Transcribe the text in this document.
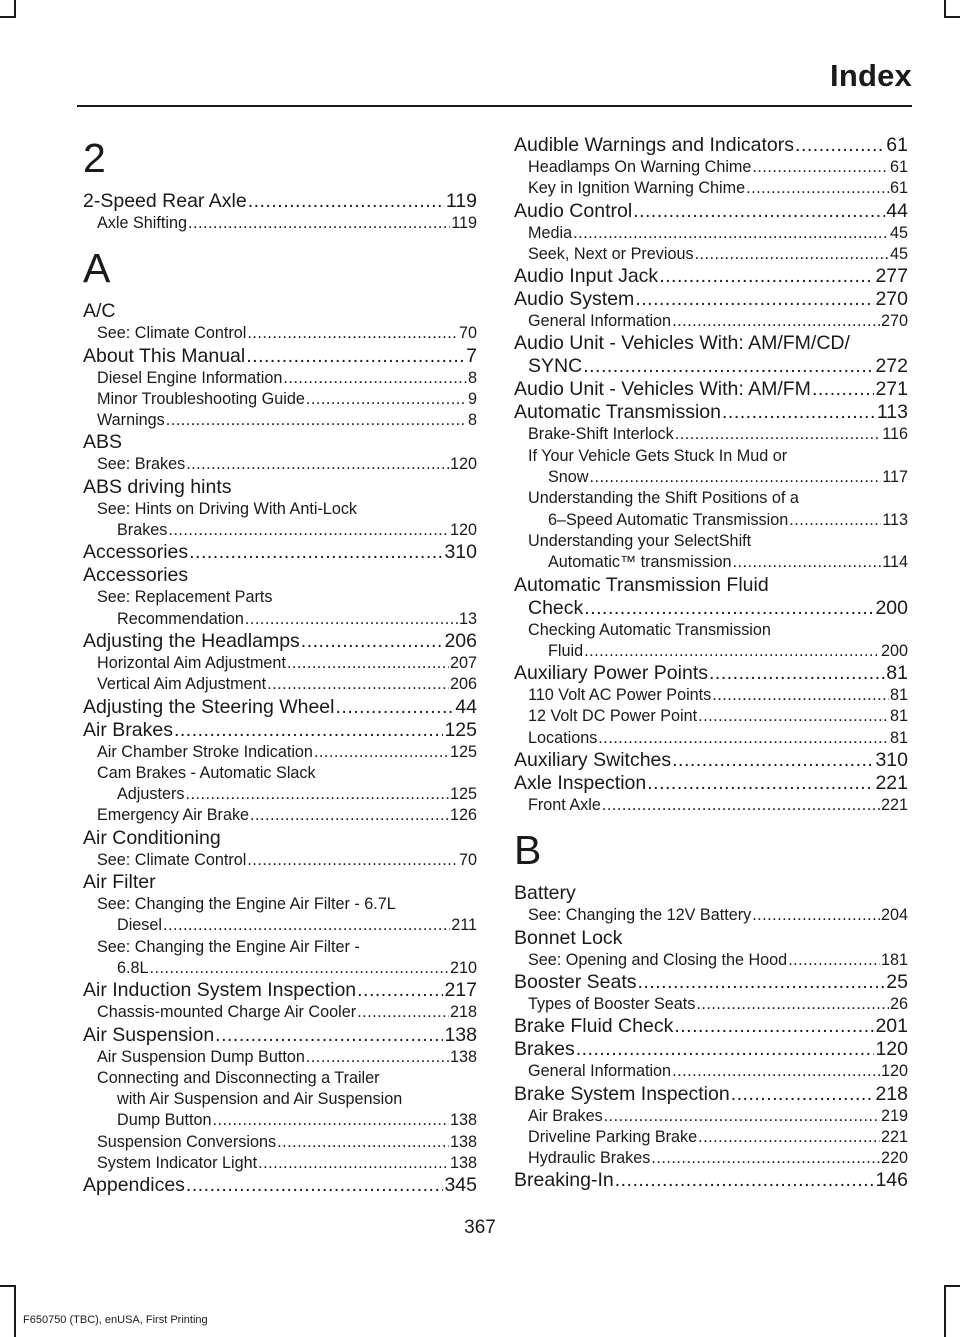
Index
2
2-Speed Rear Axle .....	119
Axle Shifting .....	119
A
A/C
See: Climate Control .....	70
About This Manual .....	7
Diesel Engine Information .....	8
Minor Troubleshooting Guide .....	9
Warnings .....	8
ABS
See: Brakes .....	120
ABS driving hints
See: Hints on Driving With Anti-Lock
Brakes .....	120
Accessories .....	310
Accessories
See: Replacement Parts
Recommendation .....	13
Adjusting the Headlamps .....	206
Horizontal Aim Adjustment .....	207
Vertical Aim Adjustment .....	206
Adjusting the Steering Wheel .....	44
Air Brakes .....	125
Air Chamber Stroke Indication .....	125
Cam Brakes - Automatic Slack
Adjusters .....	125
Emergency Air Brake .....	126
Air Conditioning
See: Climate Control .....	70
Air Filter
See: Changing the Engine Air Filter - 6.7L
Diesel .....	211
See: Changing the Engine Air Filter -
6.8L .....	210
Air Induction System Inspection .....	217
Chassis-mounted Charge Air Cooler .....	218
Air Suspension .....	138
Air Suspension Dump Button .....	138
Connecting and Disconnecting a Trailer
with Air Suspension and Air Suspension
Dump Button .....	138
Suspension Conversions .....	138
System Indicator Light .....	138
Appendices .....	345
Audible Warnings and Indicators .....	61
Headlamps On Warning Chime .....	61
Key in Ignition Warning Chime .....	61
Audio Control .....	44
Media .....	45
Seek, Next or Previous .....	45
Audio Input Jack .....	277
Audio System .....	270
General Information .....	270
Audio Unit - Vehicles With: AM/FM/CD/
SYNC .....	272
Audio Unit - Vehicles With: AM/FM .....	271
Automatic Transmission .....	113
Brake-Shift Interlock .....	116
If Your Vehicle Gets Stuck In Mud or
Snow .....	117
Understanding the Shift Positions of a
6–Speed Automatic Transmission .....	113
Understanding your SelectShift
Automatic™ transmission .....	114
Automatic Transmission Fluid
Check .....	200
Checking Automatic Transmission
Fluid .....	200
Auxiliary Power Points .....	81
110 Volt AC Power Points .....	81
12 Volt DC Power Point .....	81
Locations .....	81
Auxiliary Switches .....	310
Axle Inspection .....	221
Front Axle .....	221
B
Battery
See: Changing the 12V Battery .....	204
Bonnet Lock
See: Opening and Closing the Hood .....	181
Booster Seats .....	25
Types of Booster Seats .....	26
Brake Fluid Check .....	201
Brakes .....	120
General Information .....	120
Brake System Inspection .....	218
Air Brakes .....	219
Driveline Parking Brake .....	221
Hydraulic Brakes .....	220
Breaking-In .....	146
367
F650750 (TBC), enUSA, First Printing
